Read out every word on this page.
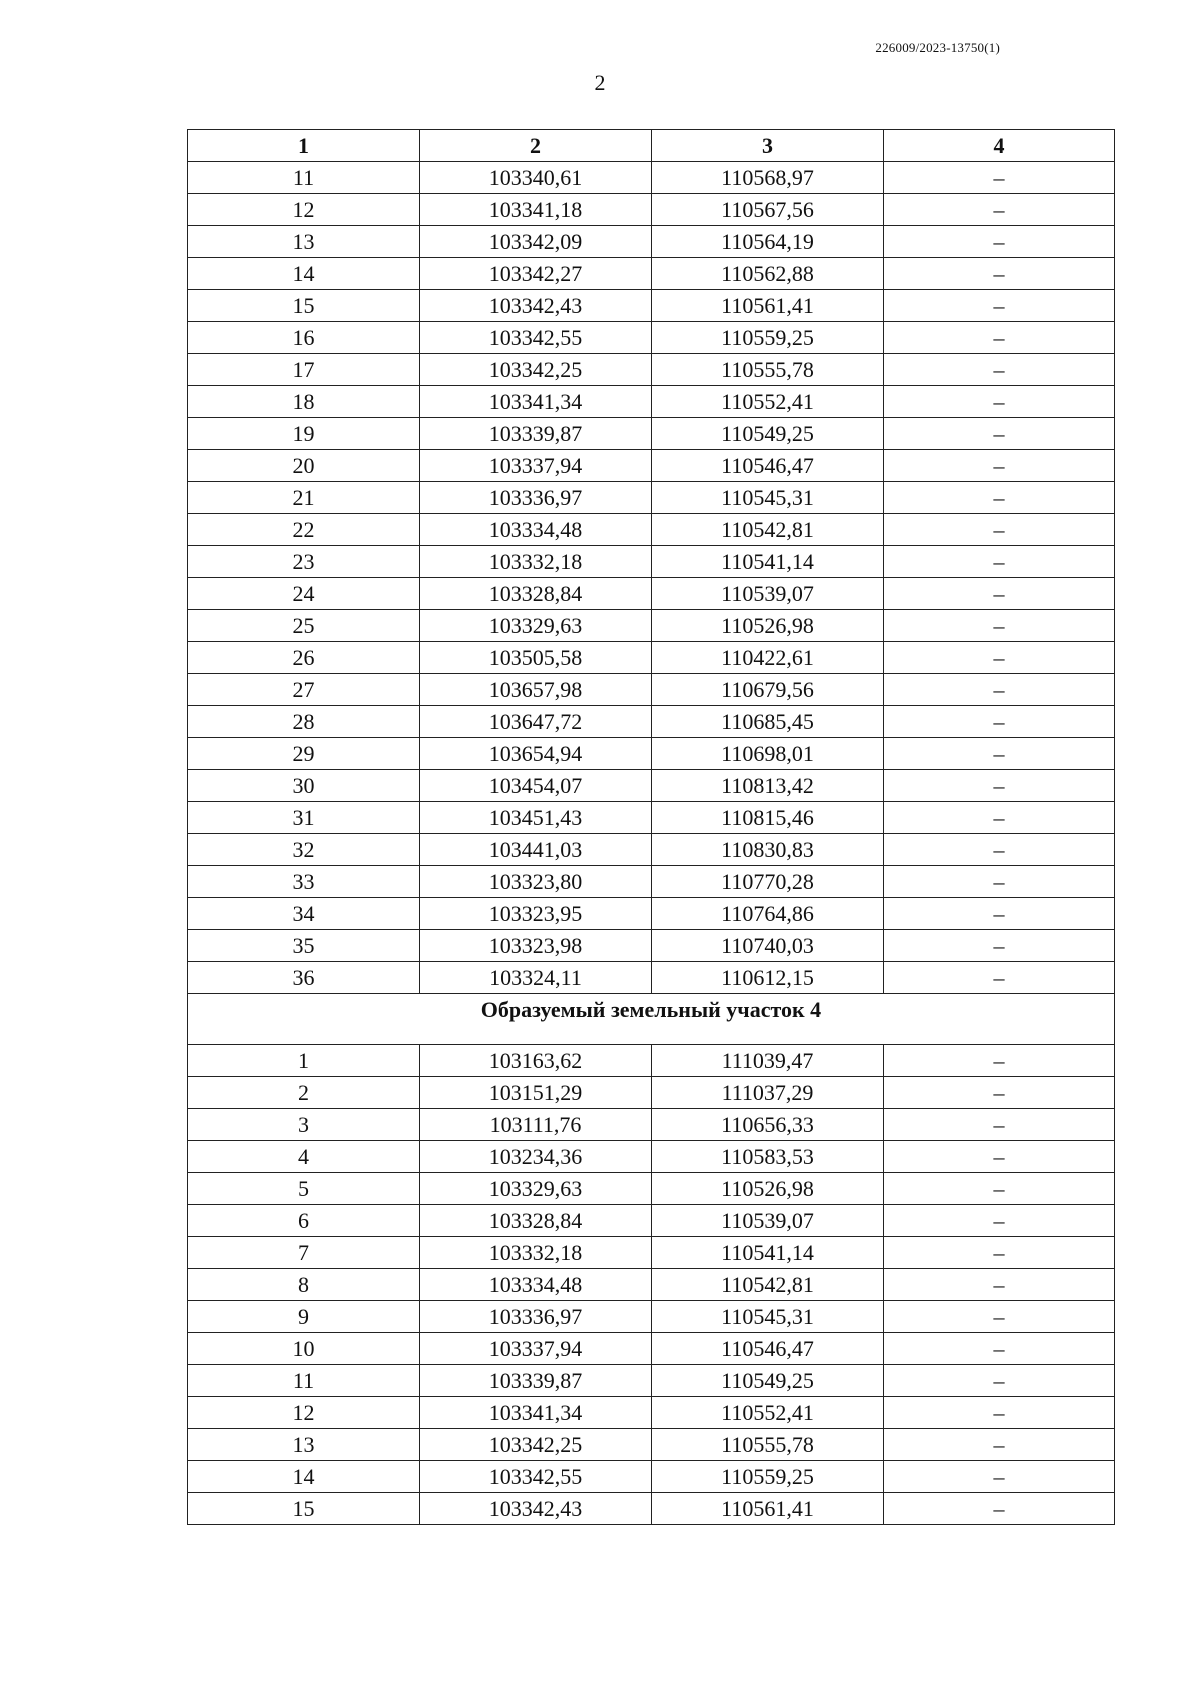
226009/2023-13750(1)
2
1	2	3	4
11	103340,61	110568,97	–
12	103341,18	110567,56	–
13	103342,09	110564,19	–
14	103342,27	110562,88	–
15	103342,43	110561,41	–
16	103342,55	110559,25	–
17	103342,25	110555,78	–
18	103341,34	110552,41	–
19	103339,87	110549,25	–
20	103337,94	110546,47	–
21	103336,97	110545,31	–
22	103334,48	110542,81	–
23	103332,18	110541,14	–
24	103328,84	110539,07	–
25	103329,63	110526,98	–
26	103505,58	110422,61	–
27	103657,98	110679,56	–
28	103647,72	110685,45	–
29	103654,94	110698,01	–
30	103454,07	110813,42	–
31	103451,43	110815,46	–
32	103441,03	110830,83	–
33	103323,80	110770,28	–
34	103323,95	110764,86	–
35	103323,98	110740,03	–
36	103324,11	110612,15	–
Образуемый земельный участок 4			
1	103163,62	111039,47	–
2	103151,29	111037,29	–
3	103111,76	110656,33	–
4	103234,36	110583,53	–
5	103329,63	110526,98	–
6	103328,84	110539,07	–
7	103332,18	110541,14	–
8	103334,48	110542,81	–
9	103336,97	110545,31	–
10	103337,94	110546,47	–
11	103339,87	110549,25	–
12	103341,34	110552,41	–
13	103342,25	110555,78	–
14	103342,55	110559,25	–
15	103342,43	110561,41	–
